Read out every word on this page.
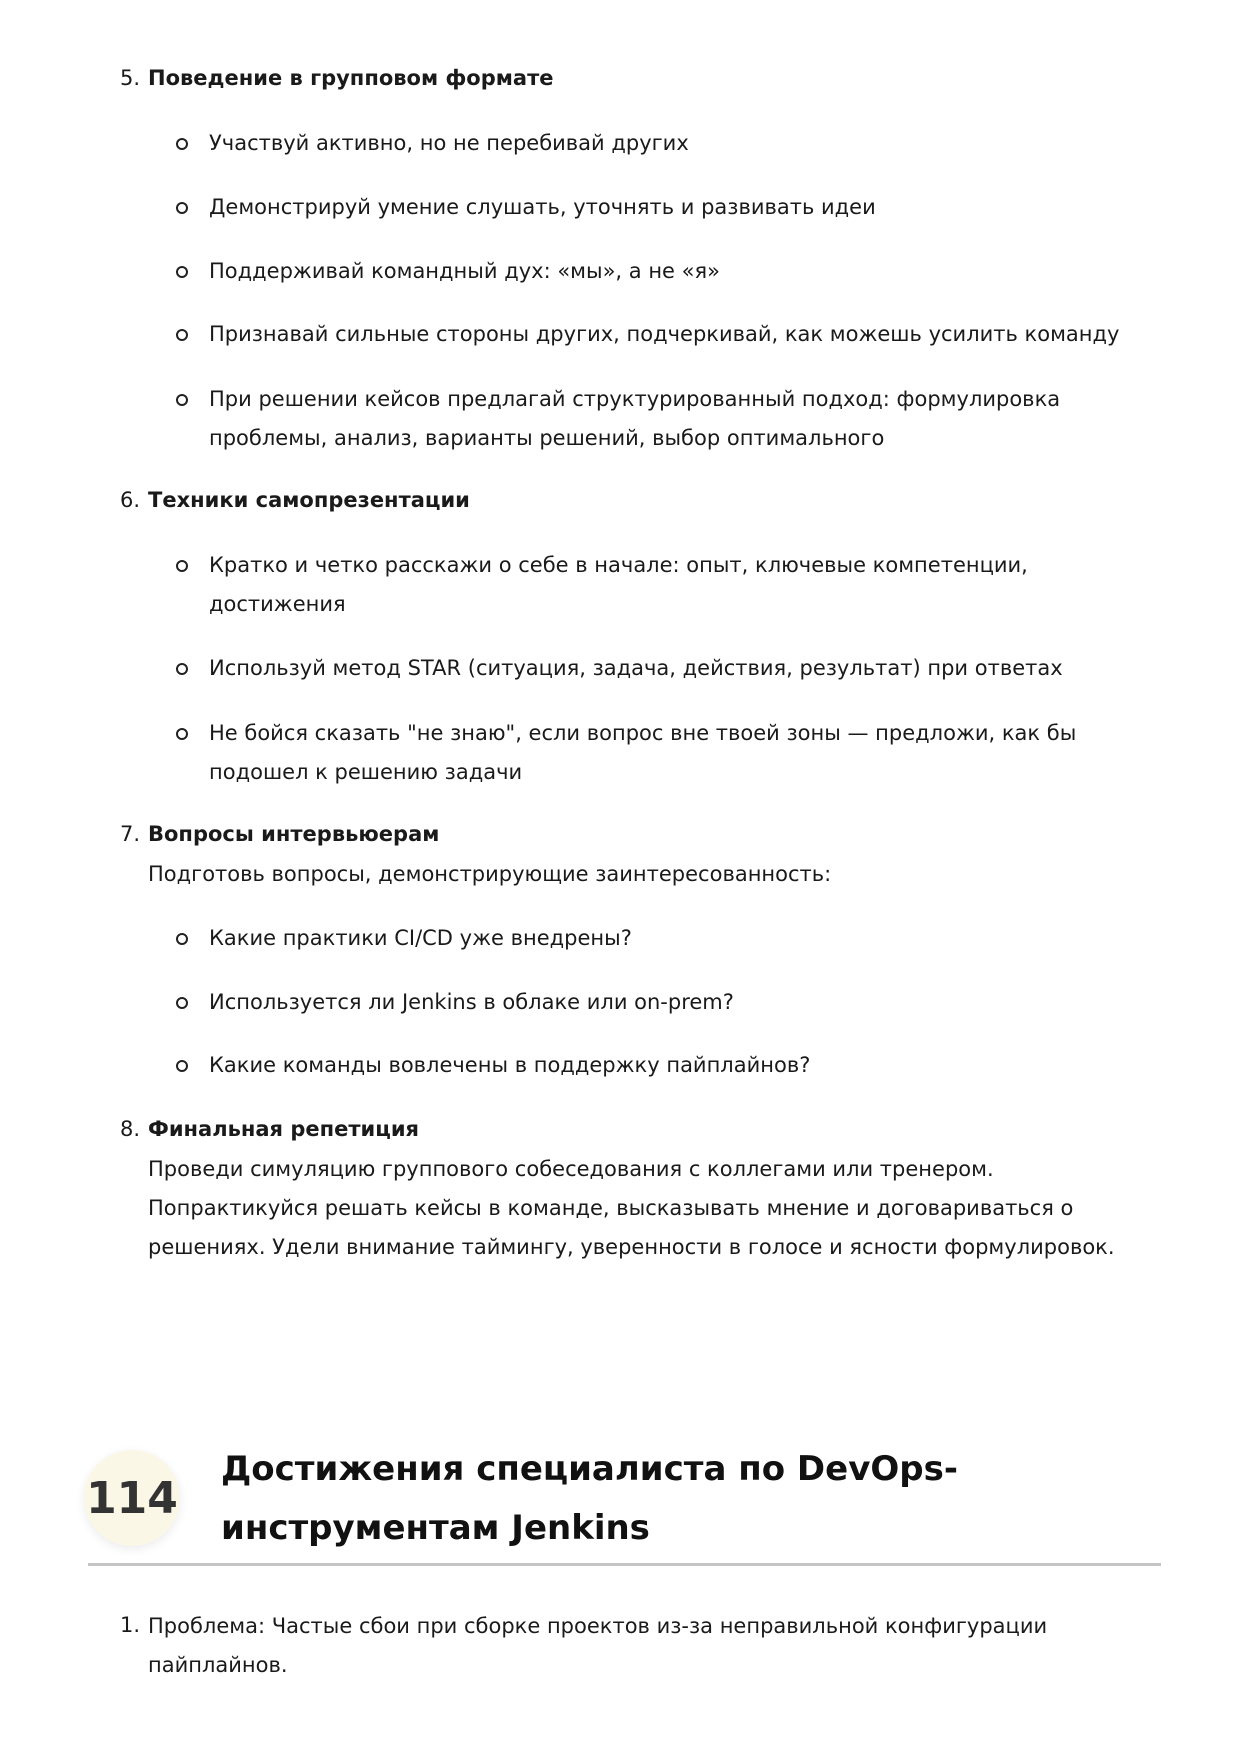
5. Поведение в групповом формате
Участвуй активно, но не перебивай других
Демонстрируй умение слушать, уточнять и развивать идеи
Поддерживай командный дух: «мы», а не «я»
Признавай сильные стороны других, подчеркивай, как можешь усилить команду
При решении кейсов предлагай структурированный подход: формулировка проблемы, анализ, варианты решений, выбор оптимального
6. Техники самопрезентации
Кратко и четко расскажи о себе в начале: опыт, ключевые компетенции, достижения
Используй метод STAR (ситуация, задача, действия, результат) при ответах
Не бойся сказать "не знаю", если вопрос вне твоей зоны — предложи, как бы подошел к решению задачи
7. Вопросы интервьюерам
Подготовь вопросы, демонстрирующие заинтересованность:
Какие практики CI/CD уже внедрены?
Используется ли Jenkins в облаке или on-prem?
Какие команды вовлечены в поддержку пайплайнов?
8. Финальная репетиция
Проведи симуляцию группового собеседования с коллегами или тренером. Попрактикуйся решать кейсы в команде, высказывать мнение и договариваться о решениях. Удели внимание таймингу, уверенности в голосе и ясности формулировок.
114
Достижения специалиста по DevOps-инструментам Jenkins
1. Проблема: Частые сбои при сборке проектов из-за неправильной конфигурации пайплайнов.
